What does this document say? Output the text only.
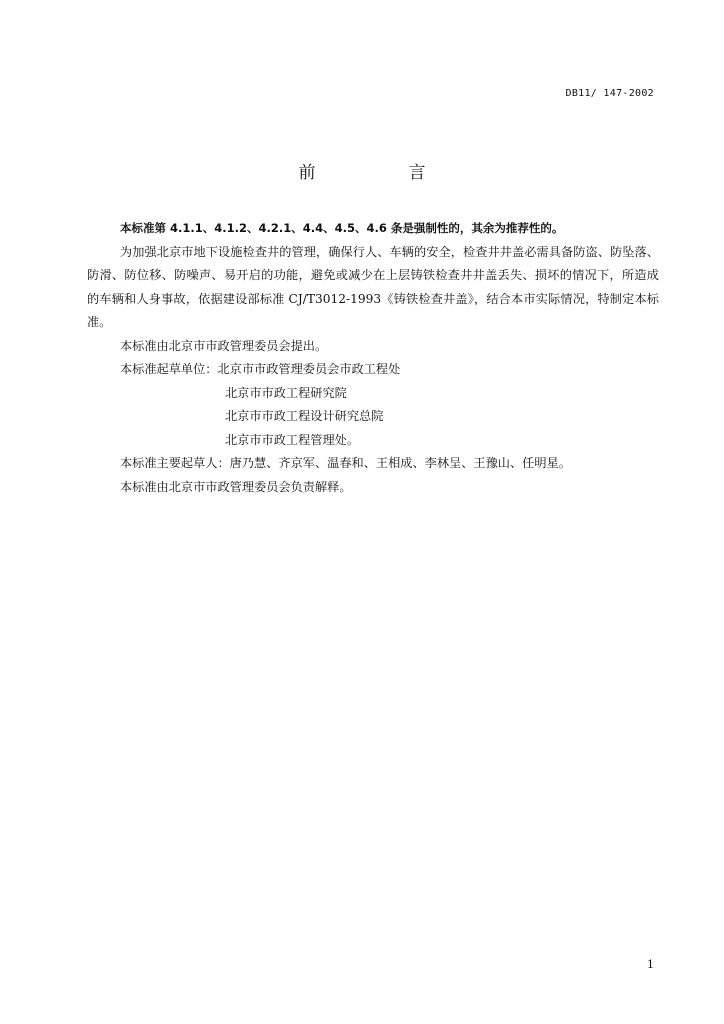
DB11/ 147-2002
前　言

本标准第 4.1.1、4.1.2、4.2.1、4.4、4.5、4.6 条是强制性的，其余为推荐性的。

为加强北京市地下设施检查井的管理，确保行人、车辆的安全，检查井井盖必需具备防盗、防坠落、防滑、防位移、防噪声、易开启的功能，避免或减少在上层铸铁检查井井盖丢失、损坏的情况下，所造成的车辆和人身事故，依据建设部标准 CJ/T3012-1993《铸铁检查井盖》，结合本市实际情况，特制定本标准。

本标准由北京市市政管理委员会提出。

本标准起草单位： 北京市市政管理委员会市政工程处

北京市市政工程研究院

北京市市政工程设计研究总院

北京市市政工程管理处。

本标准主要起草人：唐乃慧、齐京军、温春和、王相成、李林呈、王豫山、任明星。

本标准由北京市市政管理委员会负责解释。

1
